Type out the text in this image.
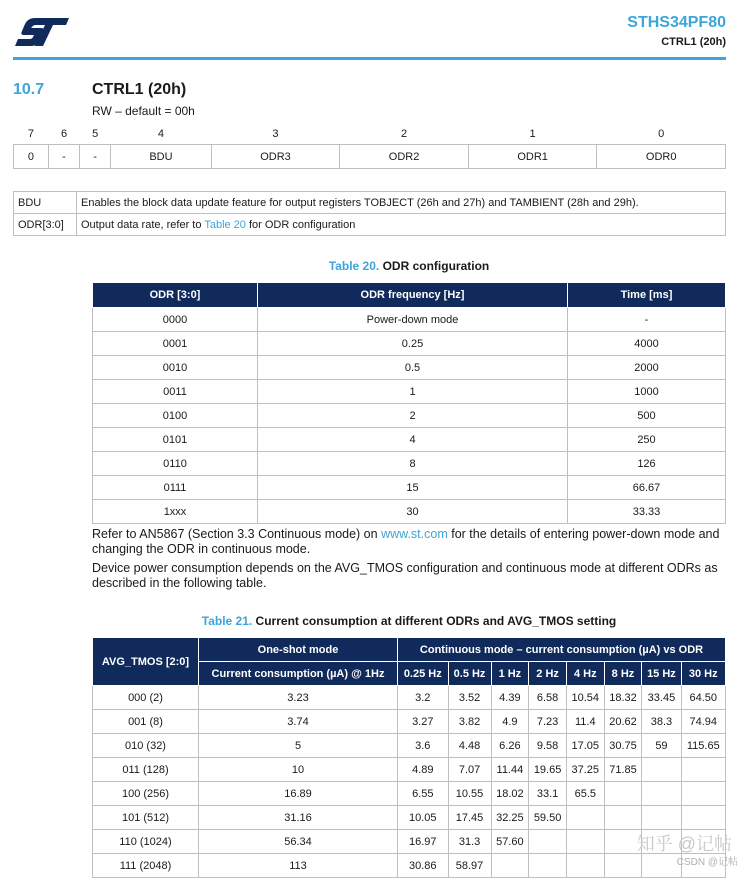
STHS34PF80
CTRL1 (20h)
10.7	CTRL1 (20h)
RW – default = 00h
7	6	5	4	3	2	1	0
0	-	-	BDU	ODR3	ODR2	ODR1	ODR0
BDU	Enables the block data update feature for output registers TOBJECT (26h and 27h) and TAMBIENT (28h and 29h).
ODR[3:0]	Output data rate, refer to Table 20 for ODR configuration
Table 20. ODR configuration
ODR [3:0]	ODR frequency [Hz]	Time [ms]
0000	Power-down mode	-
0001	0.25	4000
0010	0.5	2000
0011	1	1000
0100	2	500
0101	4	250
0110	8	126
0111	15	66.67
1xxx	30	33.33
Refer to AN5867 (Section 3.3 Continuous mode) on www.st.com for the details of entering power-down mode and changing the ODR in continuous mode.
Device power consumption depends on the AVG_TMOS configuration and continuous mode at different ODRs as described in the following table.
Table 21. Current consumption at different ODRs and AVG_TMOS setting
AVG_TMOS [2:0]	One-shot mode	Continuous mode – current consumption (µA) vs ODR							
	Current consumption (µA) @ 1Hz	0.25 Hz	0.5 Hz	1 Hz	2 Hz	4 Hz	8 Hz	15 Hz	30 Hz
000 (2)	3.23	3.2	3.52	4.39	6.58	10.54	18.32	33.45	64.50
001 (8)	3.74	3.27	3.82	4.9	7.23	11.4	20.62	38.3	74.94
010 (32)	5	3.6	4.48	6.26	9.58	17.05	30.75	59	115.65
011 (128)	10	4.89	7.07	11.44	19.65	37.25	71.85		
100 (256)	16.89	6.55	10.55	18.02	33.1	65.5			
101 (512)	31.16	10.05	17.45	32.25	59.50				
110 (1024)	56.34	16.97	31.3	57.60					
111 (2048)	113	30.86	58.97						
知乎 @记帖
CSDN @记帖
